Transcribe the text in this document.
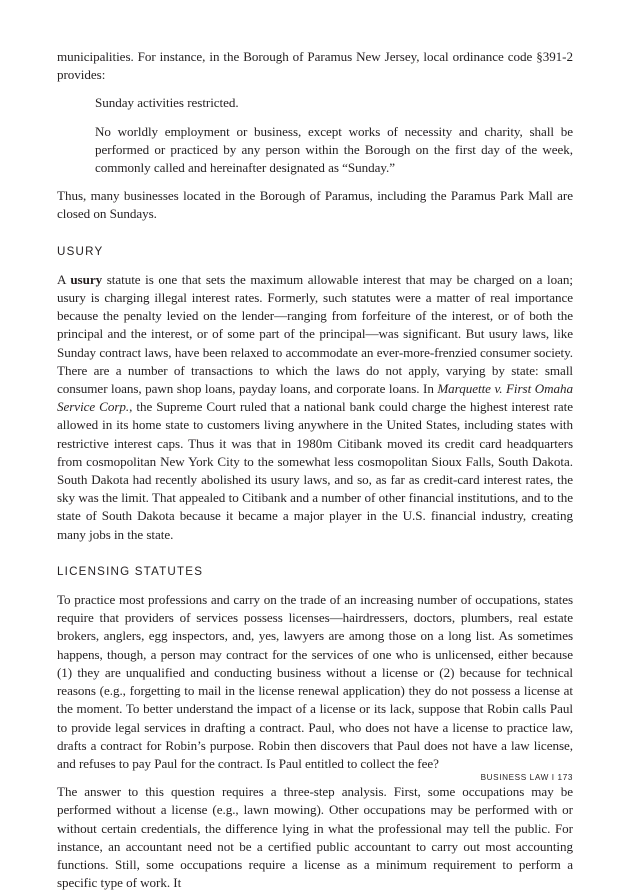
municipalities. For instance, in the Borough of Paramus New Jersey, local ordinance code §391-2 provides:

Sunday activities restricted.

No worldly employment or business, except works of necessity and charity, shall be performed or practiced by any person within the Borough on the first day of the week, commonly called and hereinafter designated as “Sunday.”

Thus, many businesses located in the Borough of Paramus, including the Paramus Park Mall are closed on Sundays.

USURY

A usury statute is one that sets the maximum allowable interest that may be charged on a loan; usury is charging illegal interest rates. Formerly, such statutes were a matter of real importance because the penalty levied on the lender—ranging from forfeiture of the interest, or of both the principal and the interest, or of some part of the principal—was significant. But usury laws, like Sunday contract laws, have been relaxed to accommodate an ever-more-frenzied consumer society. There are a number of transactions to which the laws do not apply, varying by state: small consumer loans, pawn shop loans, payday loans, and corporate loans. In Marquette v. First Omaha Service Corp., the Supreme Court ruled that a national bank could charge the highest interest rate allowed in its home state to customers living anywhere in the United States, including states with restrictive interest caps. Thus it was that in 1980m Citibank moved its credit card headquarters from cosmopolitan New York City to the somewhat less cosmopolitan Sioux Falls, South Dakota. South Dakota had recently abolished its usury laws, and so, as far as credit-card interest rates, the sky was the limit. That appealed to Citibank and a number of other financial institutions, and to the state of South Dakota because it became a major player in the U.S. financial industry, creating many jobs in the state.

LICENSING STATUTES

To practice most professions and carry on the trade of an increasing number of occupations, states require that providers of services possess licenses—hairdressers, doctors, plumbers, real estate brokers, anglers, egg inspectors, and, yes, lawyers are among those on a long list. As sometimes happens, though, a person may contract for the services of one who is unlicensed, either because (1) they are unqualified and conducting business without a license or (2) because for technical reasons (e.g., forgetting to mail in the license renewal application) they do not possess a license at the moment. To better understand the impact of a license or its lack, suppose that Robin calls Paul to provide legal services in drafting a contract. Paul, who does not have a license to practice law, drafts a contract for Robin’s purpose. Robin then discovers that Paul does not have a law license, and refuses to pay Paul for the contract. Is Paul entitled to collect the fee?

The answer to this question requires a three-step analysis. First, some occupations may be performed without a license (e.g., lawn mowing). Other occupations may be performed with or without certain credentials, the difference lying in what the professional may tell the public. For instance, an accountant need not be a certified public accountant to carry out most accounting functions. Still, some occupations require a license as a minimum requirement to perform a specific type of work. It

BUSINESS LAW I 173
